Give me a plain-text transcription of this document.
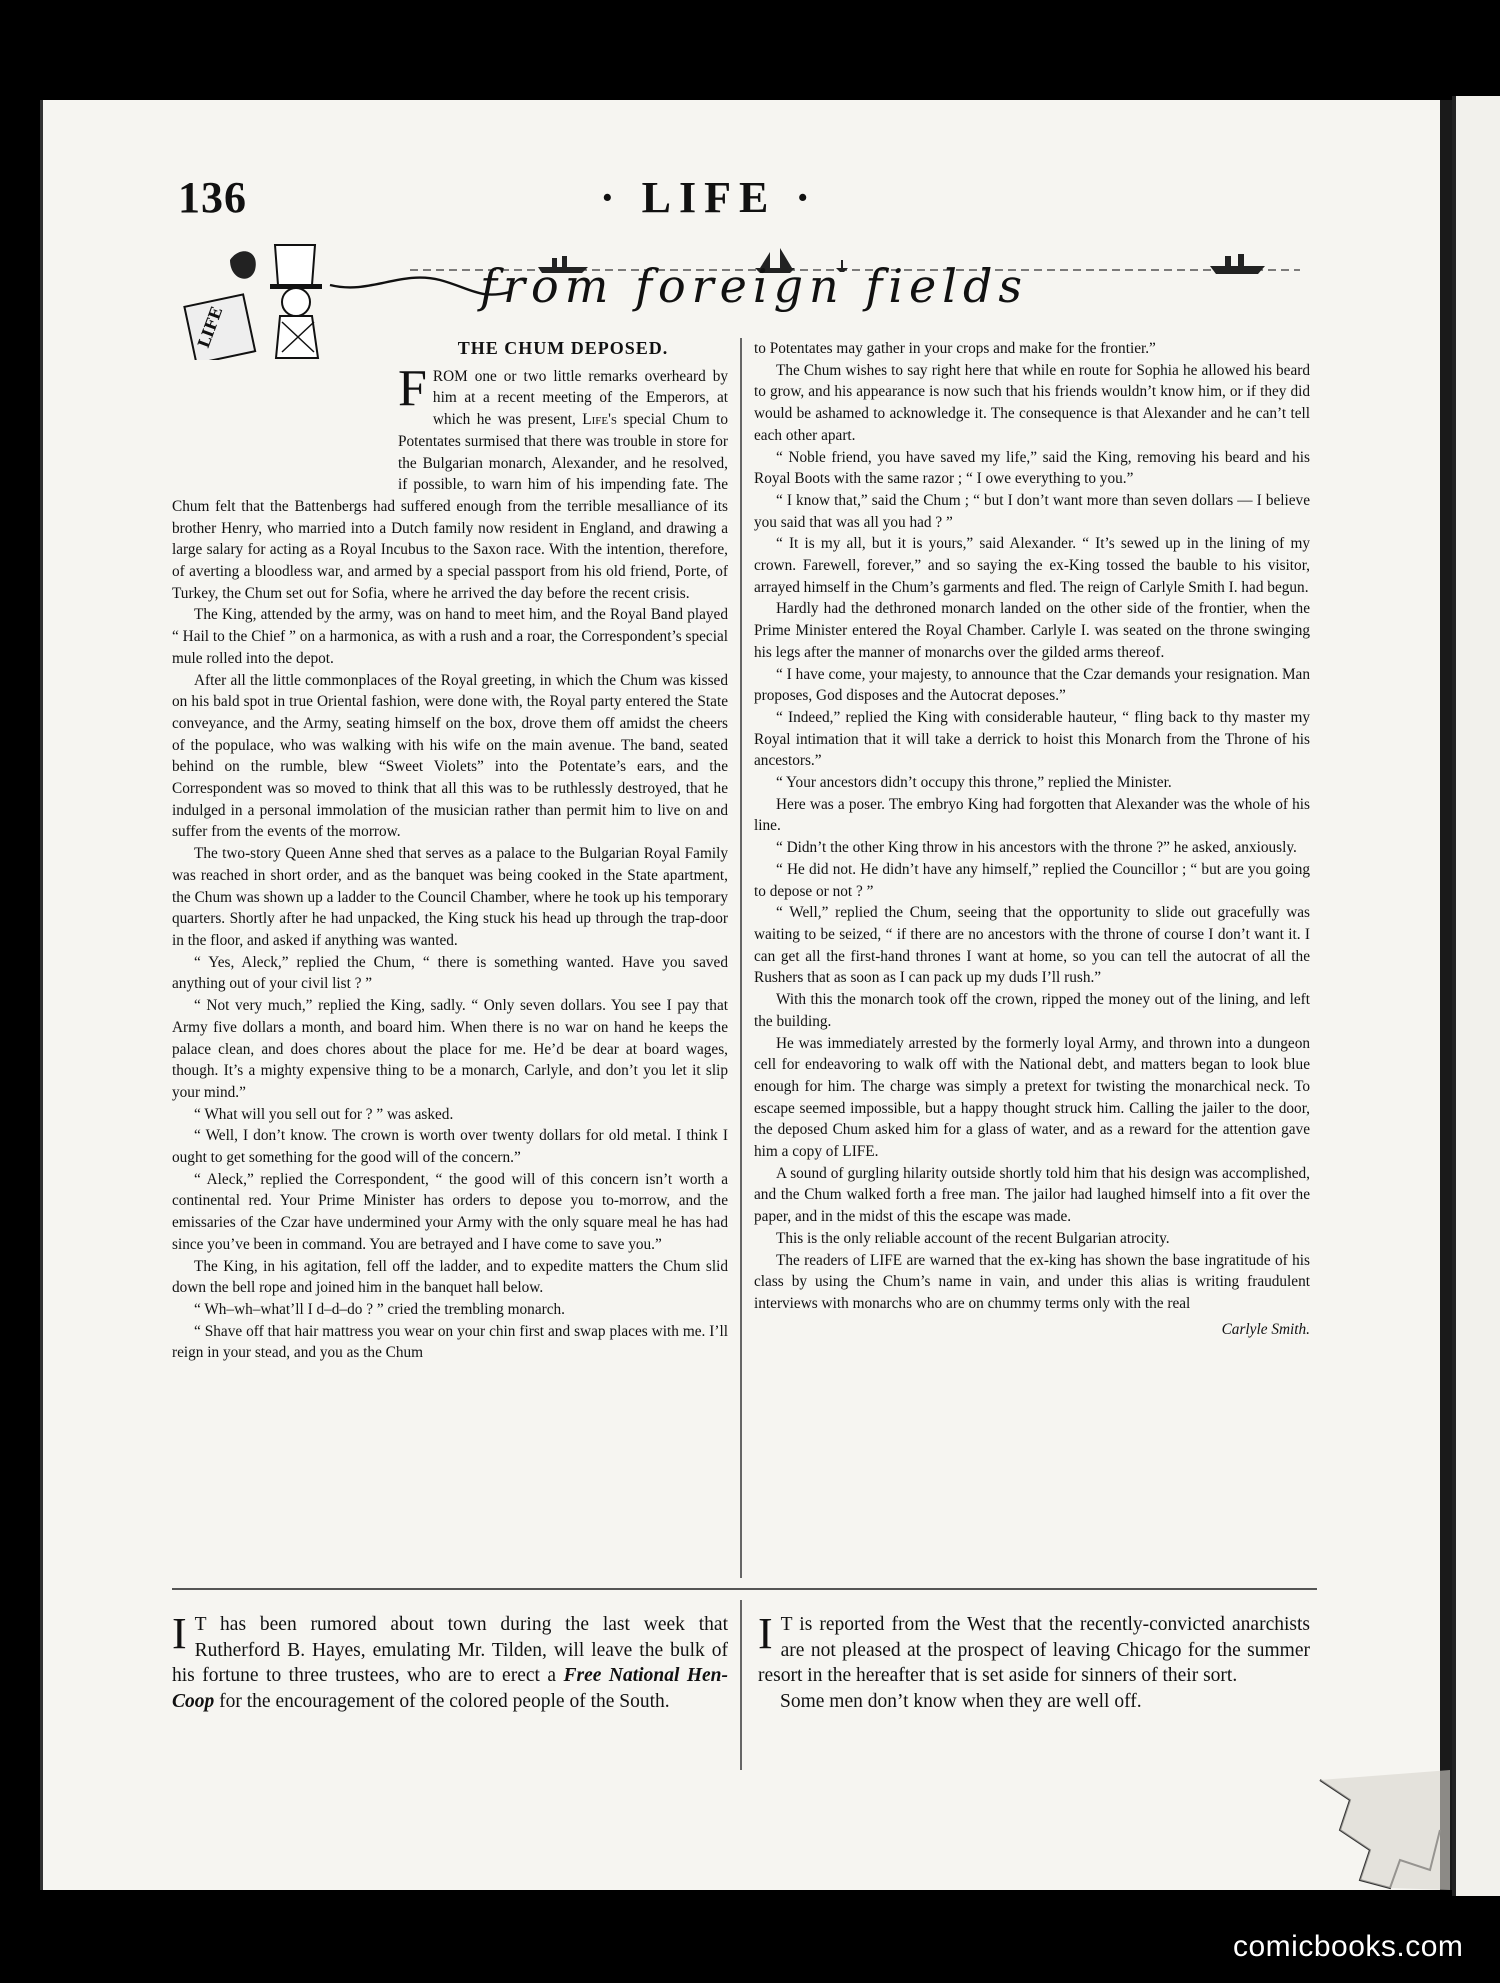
136	· LIFE ·
from foreign fields
LIFE	THE CHUM DEPOSED.

FROM one or two little remarks overheard by him at a recent meeting of the Emperors, at which he was present, Life's special Chum to Potentates surmised that there was trouble in store for the Bulgarian monarch, Alexander, and he resolved, if possible, to warn him of his impending fate. The Chum felt that the Battenbergs had suffered enough from the terrible mesalliance of its brother Henry, who married into a Dutch family now resident in England, and drawing a large salary for acting as a Royal Incubus to the Saxon race. With the intention, therefore, of averting a bloodless war, and armed by a special passport from his old friend, Porte, of Turkey, the Chum set out for Sofia, where he arrived the day before the recent crisis.

The King, attended by the army, was on hand to meet him, and the Royal Band played “ Hail to the Chief ” on a harmonica, as with a rush and a roar, the Correspondent’s special mule rolled into the depot.

After all the little commonplaces of the Royal greeting, in which the Chum was kissed on his bald spot in true Oriental fashion, were done with, the Royal party entered the State conveyance, and the Army, seating himself on the box, drove them off amidst the cheers of the populace, who was walking with his wife on the main avenue. The band, seated behind on the rumble, blew “Sweet Violets” into the Potentate’s ears, and the Correspondent was so moved to think that all this was to be ruthlessly destroyed, that he indulged in a personal immolation of the musician rather than permit him to live on and suffer from the events of the morrow.

The two-story Queen Anne shed that serves as a palace to the Bulgarian Royal Family was reached in short order, and as the banquet was being cooked in the State apartment, the Chum was shown up a ladder to the Council Chamber, where he took up his temporary quarters. Shortly after he had unpacked, the King stuck his head up through the trap-door in the floor, and asked if anything was wanted.

“ Yes, Aleck,” replied the Chum, “ there is something wanted. Have you saved anything out of your civil list ? ”

“ Not very much,” replied the King, sadly. “ Only seven dollars. You see I pay that Army five dollars a month, and board him. When there is no war on hand he keeps the palace clean, and does chores about the place for me. He’d be dear at board wages, though. It’s a mighty expensive thing to be a monarch, Carlyle, and don’t you let it slip your mind.”

“ What will you sell out for ? ” was asked.

“ Well, I don’t know. The crown is worth over twenty dollars for old metal. I think I ought to get something for the good will of the concern.”

“ Aleck,” replied the Correspondent, “ the good will of this concern isn’t worth a continental red. Your Prime Minister has orders to depose you to-morrow, and the emissaries of the Czar have undermined your Army with the only square meal he has had since you’ve been in command. You are betrayed and I have come to save you.”

The King, in his agitation, fell off the ladder, and to expedite matters the Chum slid down the bell rope and joined him in the banquet hall below.

“ Wh–wh–what’ll I d–d–do ? ” cried the trembling monarch.

“ Shave off that hair mattress you wear on your chin first and swap places with me. I’ll reign in your stead, and you as the Chum

to Potentates may gather in your crops and make for the frontier.”

The Chum wishes to say right here that while en route for Sophia he allowed his beard to grow, and his appearance is now such that his friends wouldn’t know him, or if they did would be ashamed to acknowledge it. The consequence is that Alexander and he can’t tell each other apart.

“ Noble friend, you have saved my life,” said the King, removing his beard and his Royal Boots with the same razor ; “ I owe everything to you.”

“ I know that,” said the Chum ; “ but I don’t want more than seven dollars — I believe you said that was all you had ? ”

“ It is my all, but it is yours,” said Alexander. “ It’s sewed up in the lining of my crown. Farewell, forever,” and so saying the ex-King tossed the bauble to his visitor, arrayed himself in the Chum’s garments and fled. The reign of Carlyle Smith I. had begun.

Hardly had the dethroned monarch landed on the other side of the frontier, when the Prime Minister entered the Royal Chamber. Carlyle I. was seated on the throne swinging his legs after the manner of monarchs over the gilded arms thereof.

“ I have come, your majesty, to announce that the Czar demands your resignation. Man proposes, God disposes and the Autocrat deposes.”

“ Indeed,” replied the King with considerable hauteur, “ fling back to thy master my Royal intimation that it will take a derrick to hoist this Monarch from the Throne of his ancestors.”

“ Your ancestors didn’t occupy this throne,” replied the Minister.

Here was a poser. The embryo King had forgotten that Alexander was the whole of his line.

“ Didn’t the other King throw in his ancestors with the throne ?” he asked, anxiously.

“ He did not. He didn’t have any himself,” replied the Councillor ; “ but are you going to depose or not ? ”

“ Well,” replied the Chum, seeing that the opportunity to slide out gracefully was waiting to be seized, “ if there are no ancestors with the throne of course I don’t want it. I can get all the first-hand thrones I want at home, so you can tell the autocrat of all the Rushers that as soon as I can pack up my duds I’ll rush.”

With this the monarch took off the crown, ripped the money out of the lining, and left the building.

He was immediately arrested by the formerly loyal Army, and thrown into a dungeon cell for endeavoring to walk off with the National debt, and matters began to look blue enough for him. The charge was simply a pretext for twisting the monarchical neck. To escape seemed impossible, but a happy thought struck him. Calling the jailer to the door, the deposed Chum asked him for a glass of water, and as a reward for the attention gave him a copy of LIFE.

A sound of gurgling hilarity outside shortly told him that his design was accomplished, and the Chum walked forth a free man. The jailor had laughed himself into a fit over the paper, and in the midst of this the escape was made.

This is the only reliable account of the recent Bulgarian atrocity.

The readers of LIFE are warned that the ex-king has shown the base ingratitude of his class by using the Chum’s name in vain, and under this alias is writing fraudulent interviews with monarchs who are on chummy terms only with the real

Carlyle Smith.

I T has been rumored about town during the last week that Rutherford B. Hayes, emulating Mr. Tilden, will leave the bulk of his fortune to three trustees, who are to erect a Free National Hen-Coop for the encouragement of the colored people of the South.

I T is reported from the West that the recently-convicted anarchists are not pleased at the prospect of leaving Chicago for the summer resort in the hereafter that is set aside for sinners of their sort.

Some men don’t know when they are well off.

comicbooks.com
